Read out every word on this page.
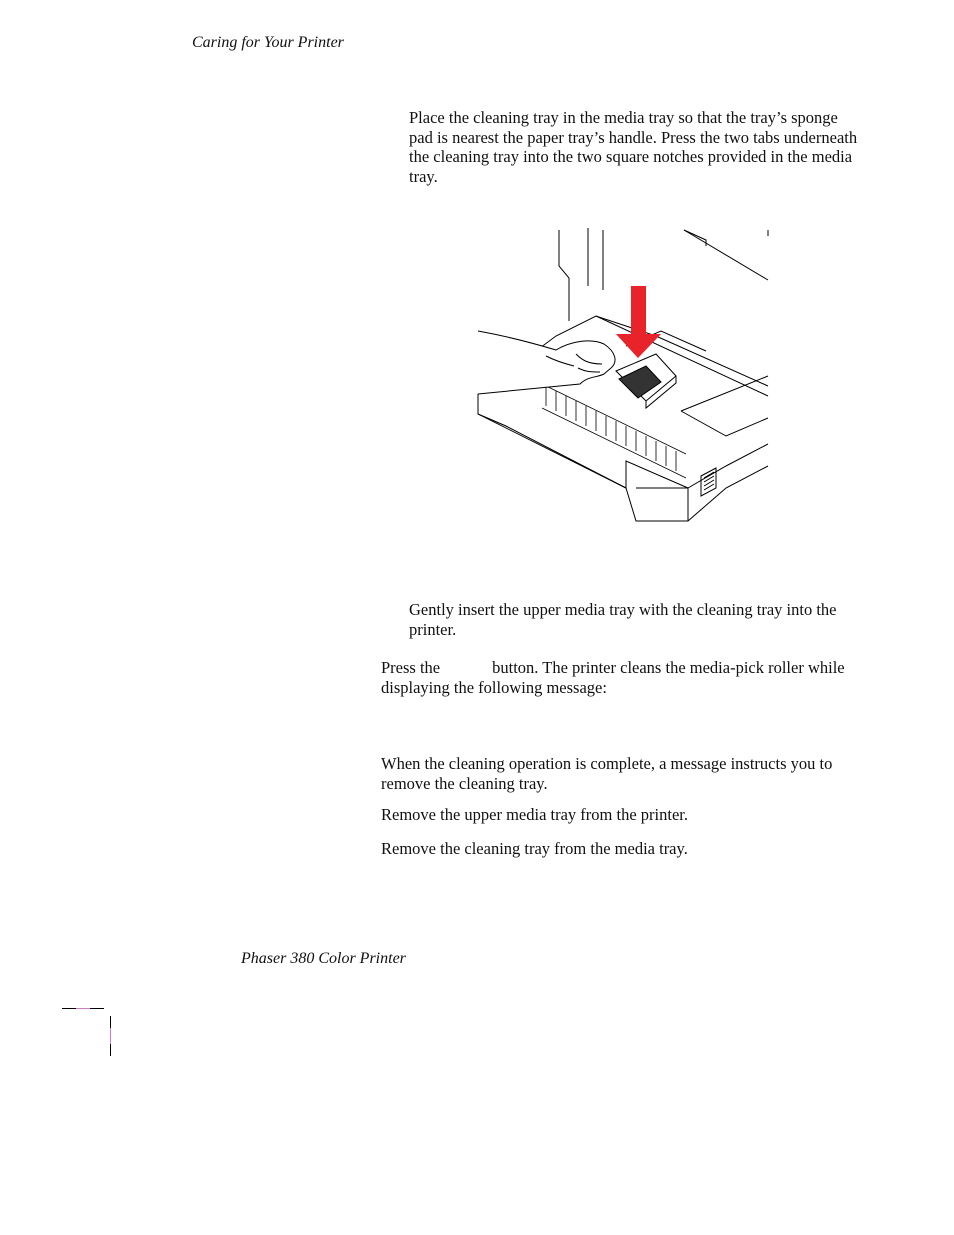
Caring for Your Printer
Place the cleaning tray in the media tray so that the tray’s sponge pad is nearest the paper tray’s handle. Press the two tabs underneath the cleaning tray into the two square notches provided in the media tray.
Gently insert the upper media tray with the cleaning tray into the printer.
Press the	button. The printer cleans the media-pick roller while displaying the following message:
When the cleaning operation is complete, a message instructs you to remove the cleaning tray.
Remove the upper media tray from the printer.
Remove the cleaning tray from the media tray.
Phaser 380 Color Printer
